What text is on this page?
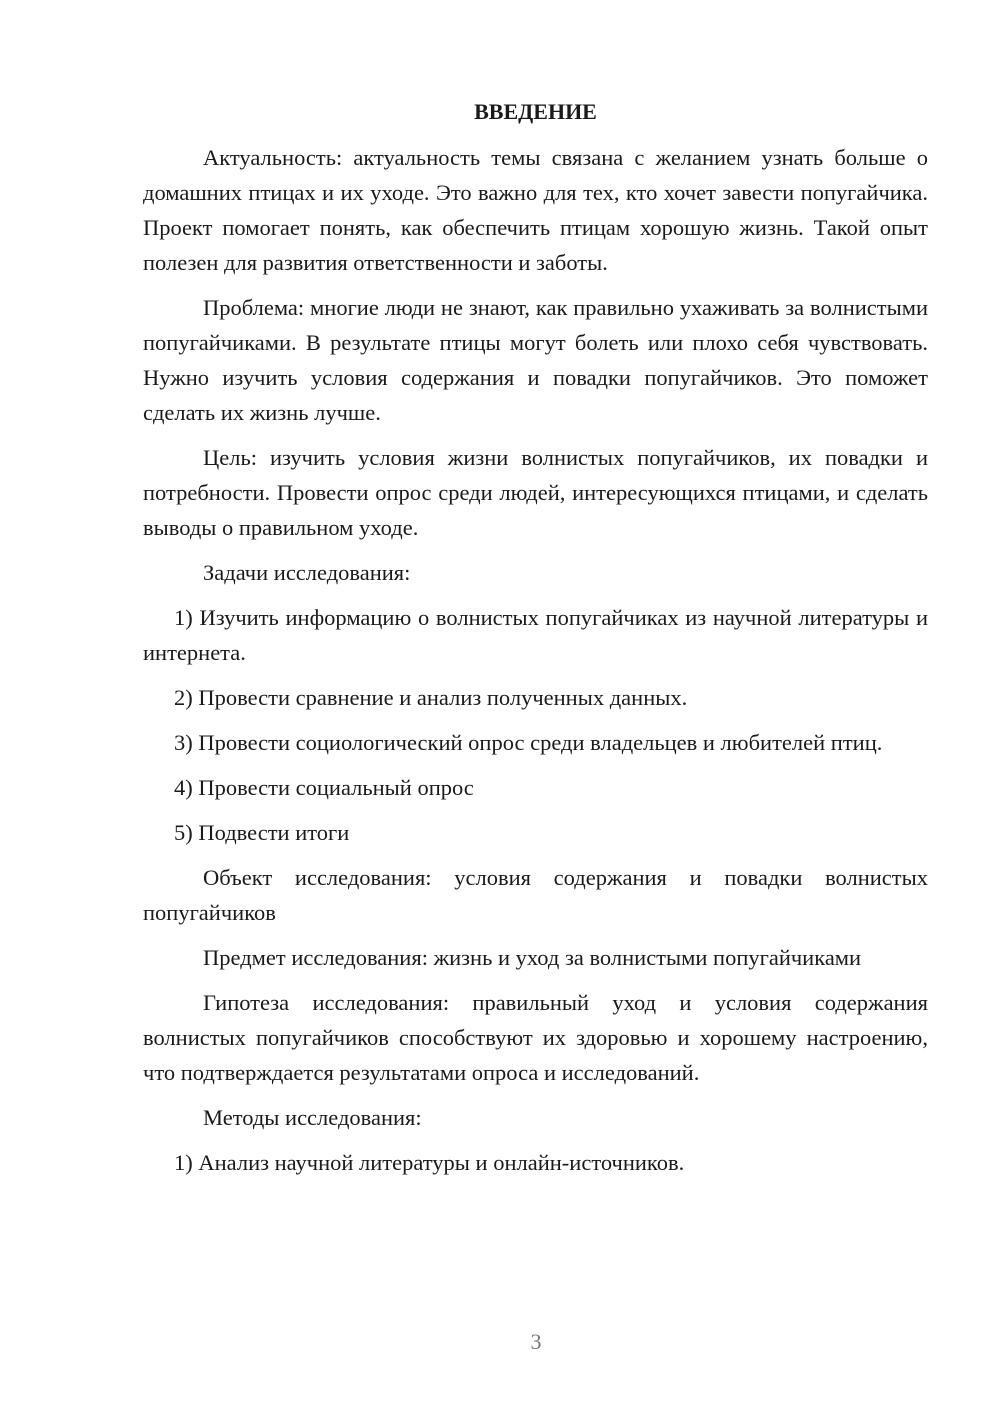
ВВЕДЕНИЕ

Актуальность: актуальность темы связана с желанием узнать больше о домашних птицах и их уходе. Это важно для тех, кто хочет завести попугайчика. Проект помогает понять, как обеспечить птицам хорошую жизнь. Такой опыт полезен для развития ответственности и заботы.

Проблема: многие люди не знают, как правильно ухаживать за волнистыми попугайчиками. В результате птицы могут болеть или плохо себя чувствовать. Нужно изучить условия содержания и повадки попугайчиков. Это поможет сделать их жизнь лучше.

Цель: изучить условия жизни волнистых попугайчиков, их повадки и потребности. Провести опрос среди людей, интересующихся птицами, и сделать выводы о правильном уходе.

Задачи исследования:

1) Изучить информацию о волнистых попугайчиках из научной литературы и интернета.

2) Провести сравнение и анализ полученных данных.

3) Провести социологический опрос среди владельцев и любителей птиц.

4) Провести социальный опрос

5) Подвести итоги

Объект исследования: условия содержания и повадки волнистых попугайчиков

Предмет исследования: жизнь и уход за волнистыми попугайчиками

Гипотеза исследования: правильный уход и условия содержания волнистых попугайчиков способствуют их здоровью и хорошему настроению, что подтверждается результатами опроса и исследований.

Методы исследования:

1) Анализ научной литературы и онлайн-источников.

3
